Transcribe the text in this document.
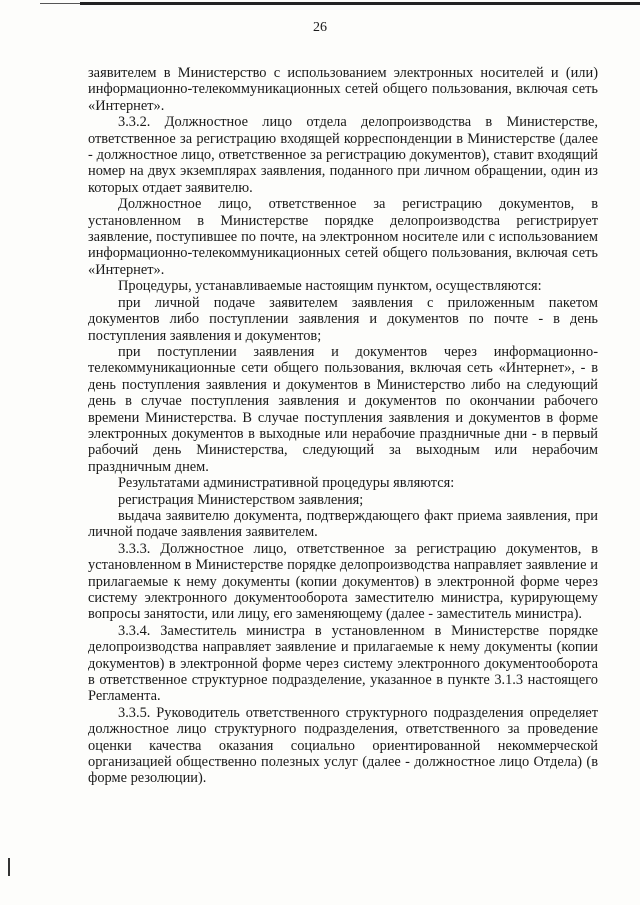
26

заявителем в Министерство с использованием электронных носителей и (или) информационно-телекоммуникационных сетей общего пользования, включая сеть «Интернет».

3.3.2. Должностное лицо отдела делопроизводства в Министерстве, ответственное за регистрацию входящей корреспонденции в Министерстве (далее - должностное лицо, ответственное за регистрацию документов), ставит входящий номер на двух экземплярах заявления, поданного при личном обращении, один из которых отдает заявителю.

Должностное лицо, ответственное за регистрацию документов, в установленном в Министерстве порядке делопроизводства регистрирует заявление, поступившее по почте, на электронном носителе или с использованием информационно-телекоммуникационных сетей общего пользования, включая сеть «Интернет».

Процедуры, устанавливаемые настоящим пунктом, осуществляются:

при личной подаче заявителем заявления с приложенным пакетом документов либо поступлении заявления и документов по почте - в день поступления заявления и документов;

при поступлении заявления и документов через информационно-телекоммуникационные сети общего пользования, включая сеть «Интернет», - в день поступления заявления и документов в Министерство либо на следующий день в случае поступления заявления и документов по окончании рабочего времени Министерства. В случае поступления заявления и документов в форме электронных документов в выходные или нерабочие праздничные дни - в первый рабочий день Министерства, следующий за выходным или нерабочим праздничным днем.

Результатами административной процедуры являются:

регистрация Министерством заявления;

выдача заявителю документа, подтверждающего факт приема заявления, при личной подаче заявления заявителем.

3.3.3. Должностное лицо, ответственное за регистрацию документов, в установленном в Министерстве порядке делопроизводства направляет заявление и прилагаемые к нему документы (копии документов) в электронной форме через систему электронного документооборота заместителю министра, курирующему вопросы занятости, или лицу, его заменяющему (далее - заместитель министра).

3.3.4. Заместитель министра в установленном в Министерстве порядке делопроизводства направляет заявление и прилагаемые к нему документы (копии документов) в электронной форме через систему электронного документооборота в ответственное структурное подразделение, указанное в пункте 3.1.3 настоящего Регламента.

3.3.5. Руководитель ответственного структурного подразделения определяет должностное лицо структурного подразделения, ответственного за проведение оценки качества оказания социально ориентированной некоммерческой организацией общественно полезных услуг (далее - должностное лицо Отдела) (в форме резолюции).
